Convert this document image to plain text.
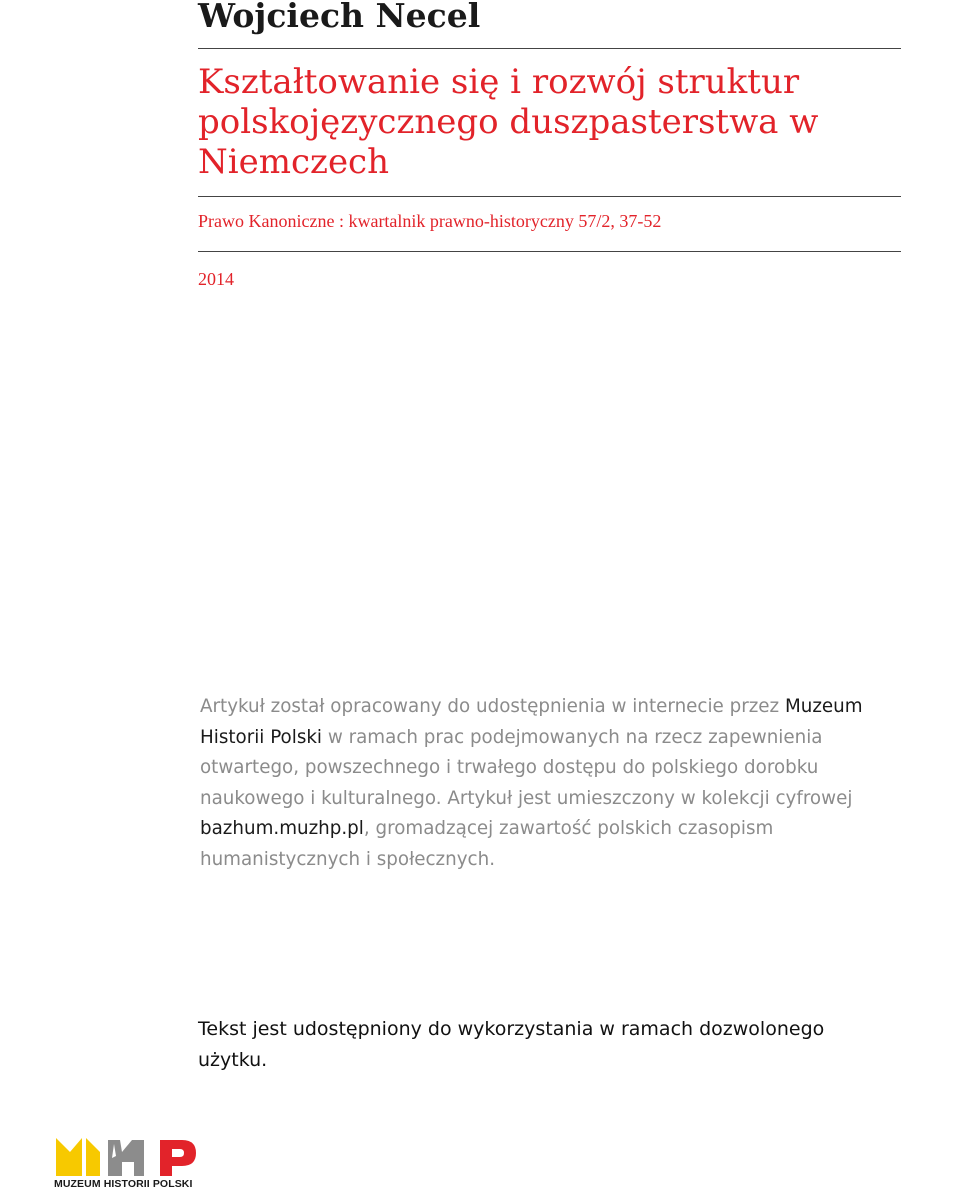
Wojciech Necel
Kształtowanie się i rozwój struktur polskojęzycznego duszpasterstwa w Niemczech
Prawo Kanoniczne : kwartalnik prawno-historyczny 57/2, 37-52
2014

Artykuł został opracowany do udostępnienia w internecie przez Muzeum Historii Polski w ramach prac podejmowanych na rzecz zapewnienia otwartego, powszechnego i trwałego dostępu do polskiego dorobku naukowego i kulturalnego. Artykuł jest umieszczony w kolekcji cyfrowej bazhum.muzhp.pl, gromadzącej zawartość polskich czasopism humanistycznych i społecznych.

Tekst jest udostępniony do wykorzystania w ramach dozwolonego użytku.

MUZEUM HISTORII POLSKI
